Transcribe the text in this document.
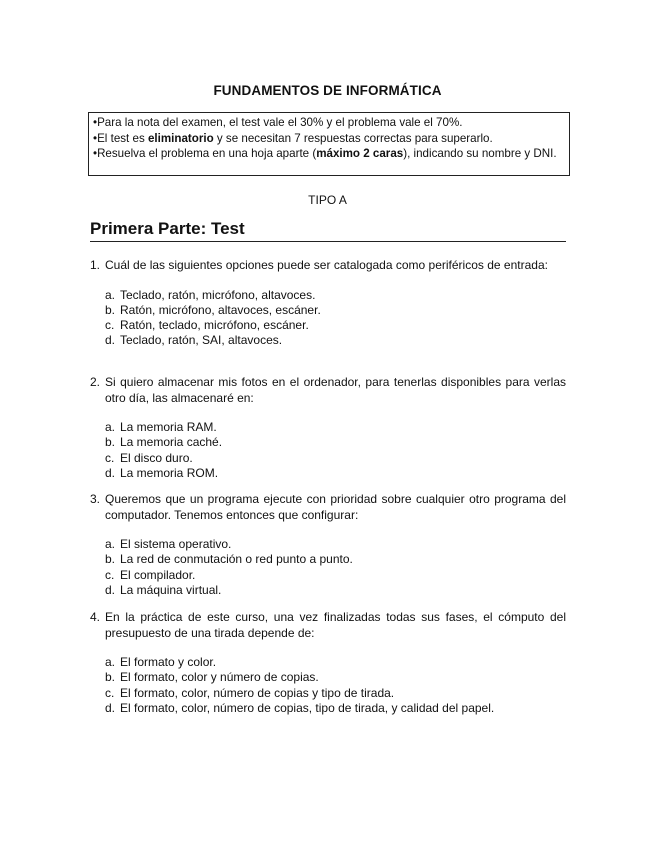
FUNDAMENTOS DE INFORMÁTICA

•Para la nota del examen, el test vale el 30% y el problema vale el 70%.

•El test es eliminatorio y se necesitan 7 respuestas correctas para superarlo.

•Resuelva el problema en una hoja aparte (máximo 2 caras), indicando su nombre y DNI.

TIPO A
Primera Parte: Test
1. Cuál de las siguientes opciones puede ser catalogada como periféricos de entrada:
a. Teclado, ratón, micrófono, altavoces.
b. Ratón, micrófono, altavoces, escáner.
c. Ratón, teclado, micrófono, escáner.
d. Teclado, ratón, SAI, altavoces.
2. Si quiero almacenar mis fotos en el ordenador, para tenerlas disponibles para verlas otro día, las almacenaré en:
a. La memoria RAM.
b. La memoria caché.
c. El disco duro.
d. La memoria ROM.
3. Queremos que un programa ejecute con prioridad sobre cualquier otro programa del computador. Tenemos entonces que configurar:
a. El sistema operativo.
b. La red de conmutación o red punto a punto.
c. El compilador.
d. La máquina virtual.
4. En la práctica de este curso, una vez finalizadas todas sus fases, el cómputo del presupuesto de una tirada depende de:
a. El formato y color.
b. El formato, color y número de copias.
c. El formato, color, número de copias y tipo de tirada.
d. El formato, color, número de copias, tipo de tirada, y calidad del papel.
